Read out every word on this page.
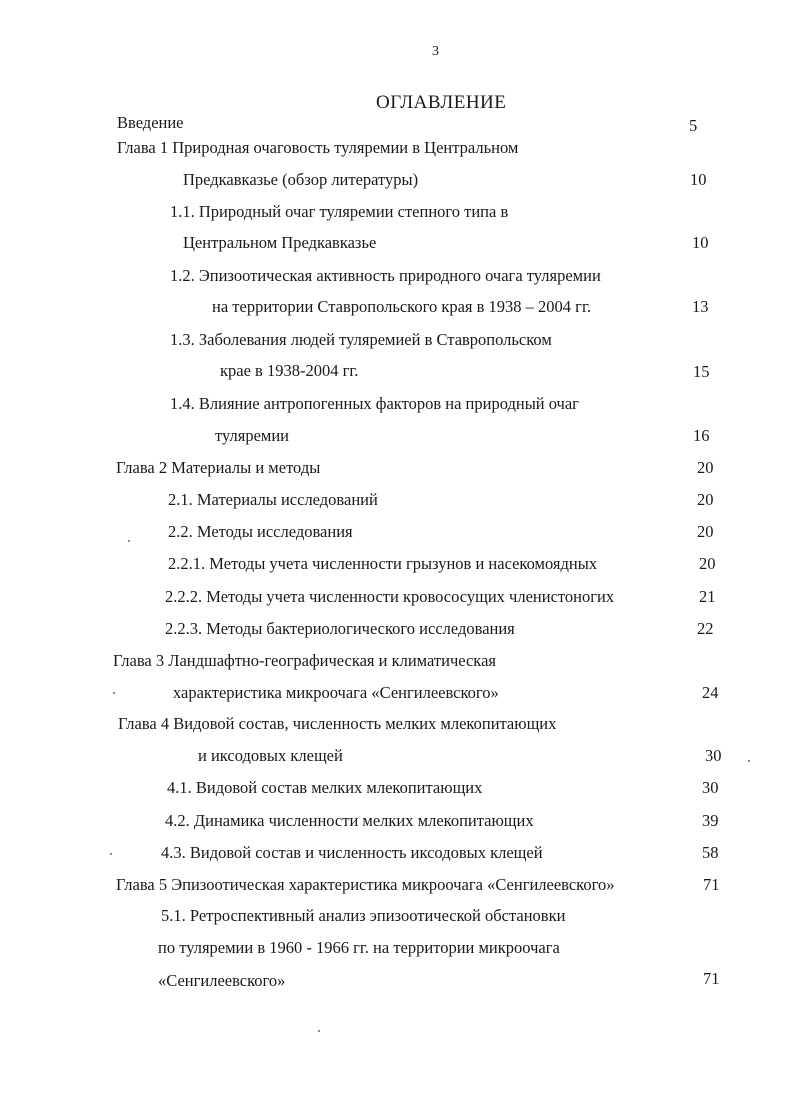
3
ОГЛАВЛЕНИЕ
Введение	5
Глава 1 Природная очаговость туляремии в Центральном
Предкавказье (обзор литературы)	10
1.1. Природный очаг туляремии степного типа в
Центральном Предкавказье	10
1.2. Эпизоотическая активность природного очага туляремии
на территории Ставропольского края в 1938 – 2004 гг.	13
1.3. Заболевания людей туляремией в Ставропольском
крае в 1938-2004 гг.	15
1.4. Влияние антропогенных факторов на природный очаг
туляремии	16
Глава 2 Материалы и методы	20
2.1. Материалы исследований	20
2.2. Методы исследования	20
2.2.1. Методы учета численности грызунов и насекомоядных	20
2.2.2. Методы учета численности кровососущих членистоногих	21
2.2.3. Методы бактериологического исследования	22
Глава 3 Ландшафтно-географическая и климатическая
характеристика микроочага «Сенгилеевского»	24
Глава 4 Видовой состав, численность мелких млекопитающих
и иксодовых клещей	30
4.1. Видовой состав мелких млекопитающих	30
4.2. Динамика численности мелких млекопитающих	39
4.3. Видовой состав и численность иксодовых клещей	58
Глава 5 Эпизоотическая характеристика микроочага «Сенгилеевского»	71
5.1. Ретроспективный анализ эпизоотической обстановки
по туляремии в 1960 - 1966 гг. на территории микроочага
«Сенгилеевского»	71
